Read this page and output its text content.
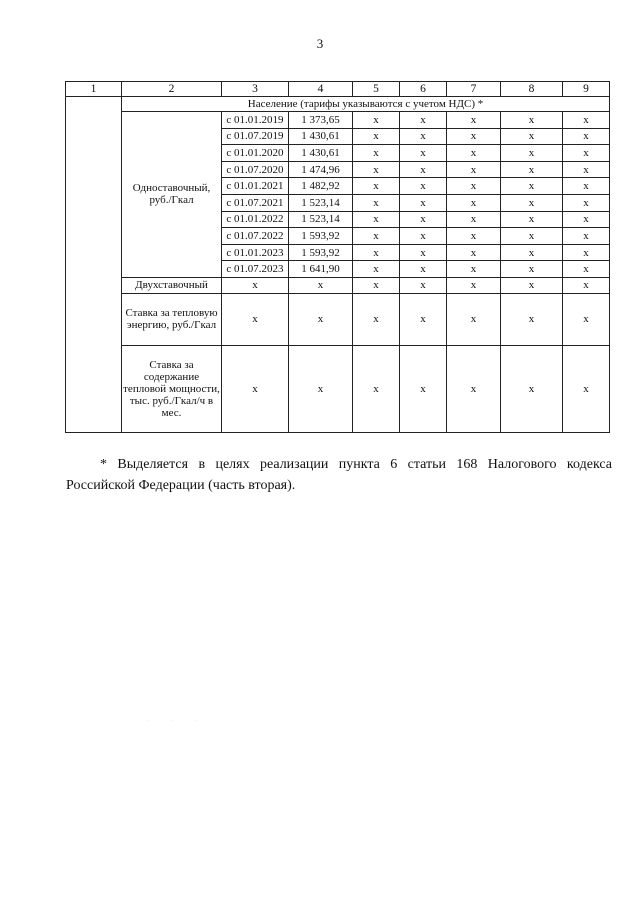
3
1	2	3	4	5	6	7	8	9
	Население (тарифы указываются с учетом НДС) *							
	Одноставочный, руб./Гкал	с 01.01.2019	1 373,65	х	х	х	х	х
		с 01.07.2019	1 430,61	х	х	х	х	х
		с 01.01.2020	1 430,61	х	х	х	х	х
		с 01.07.2020	1 474,96	х	х	х	х	х
		с 01.01.2021	1 482,92	х	х	х	х	х
		с 01.07.2021	1 523,14	х	х	х	х	х
		с 01.01.2022	1 523,14	х	х	х	х	х
		с 01.07.2022	1 593,92	х	х	х	х	х
		с 01.01.2023	1 593,92	х	х	х	х	х
		с 01.07.2023	1 641,90	х	х	х	х	х
	Двухставочный	х	х	х	х	х	х	х
	Ставка за тепловую энергию, руб./Гкал	х	х	х	х	х	х	х
	Ставка за содержание тепловой мощности, тыс. руб./Гкал/ч в мес.	х	х	х	х	х	х	х
* Выделяется в целях реализации пункта 6 статьи 168 Налогового кодекса Российской Федерации (часть вторая).
· · ·
